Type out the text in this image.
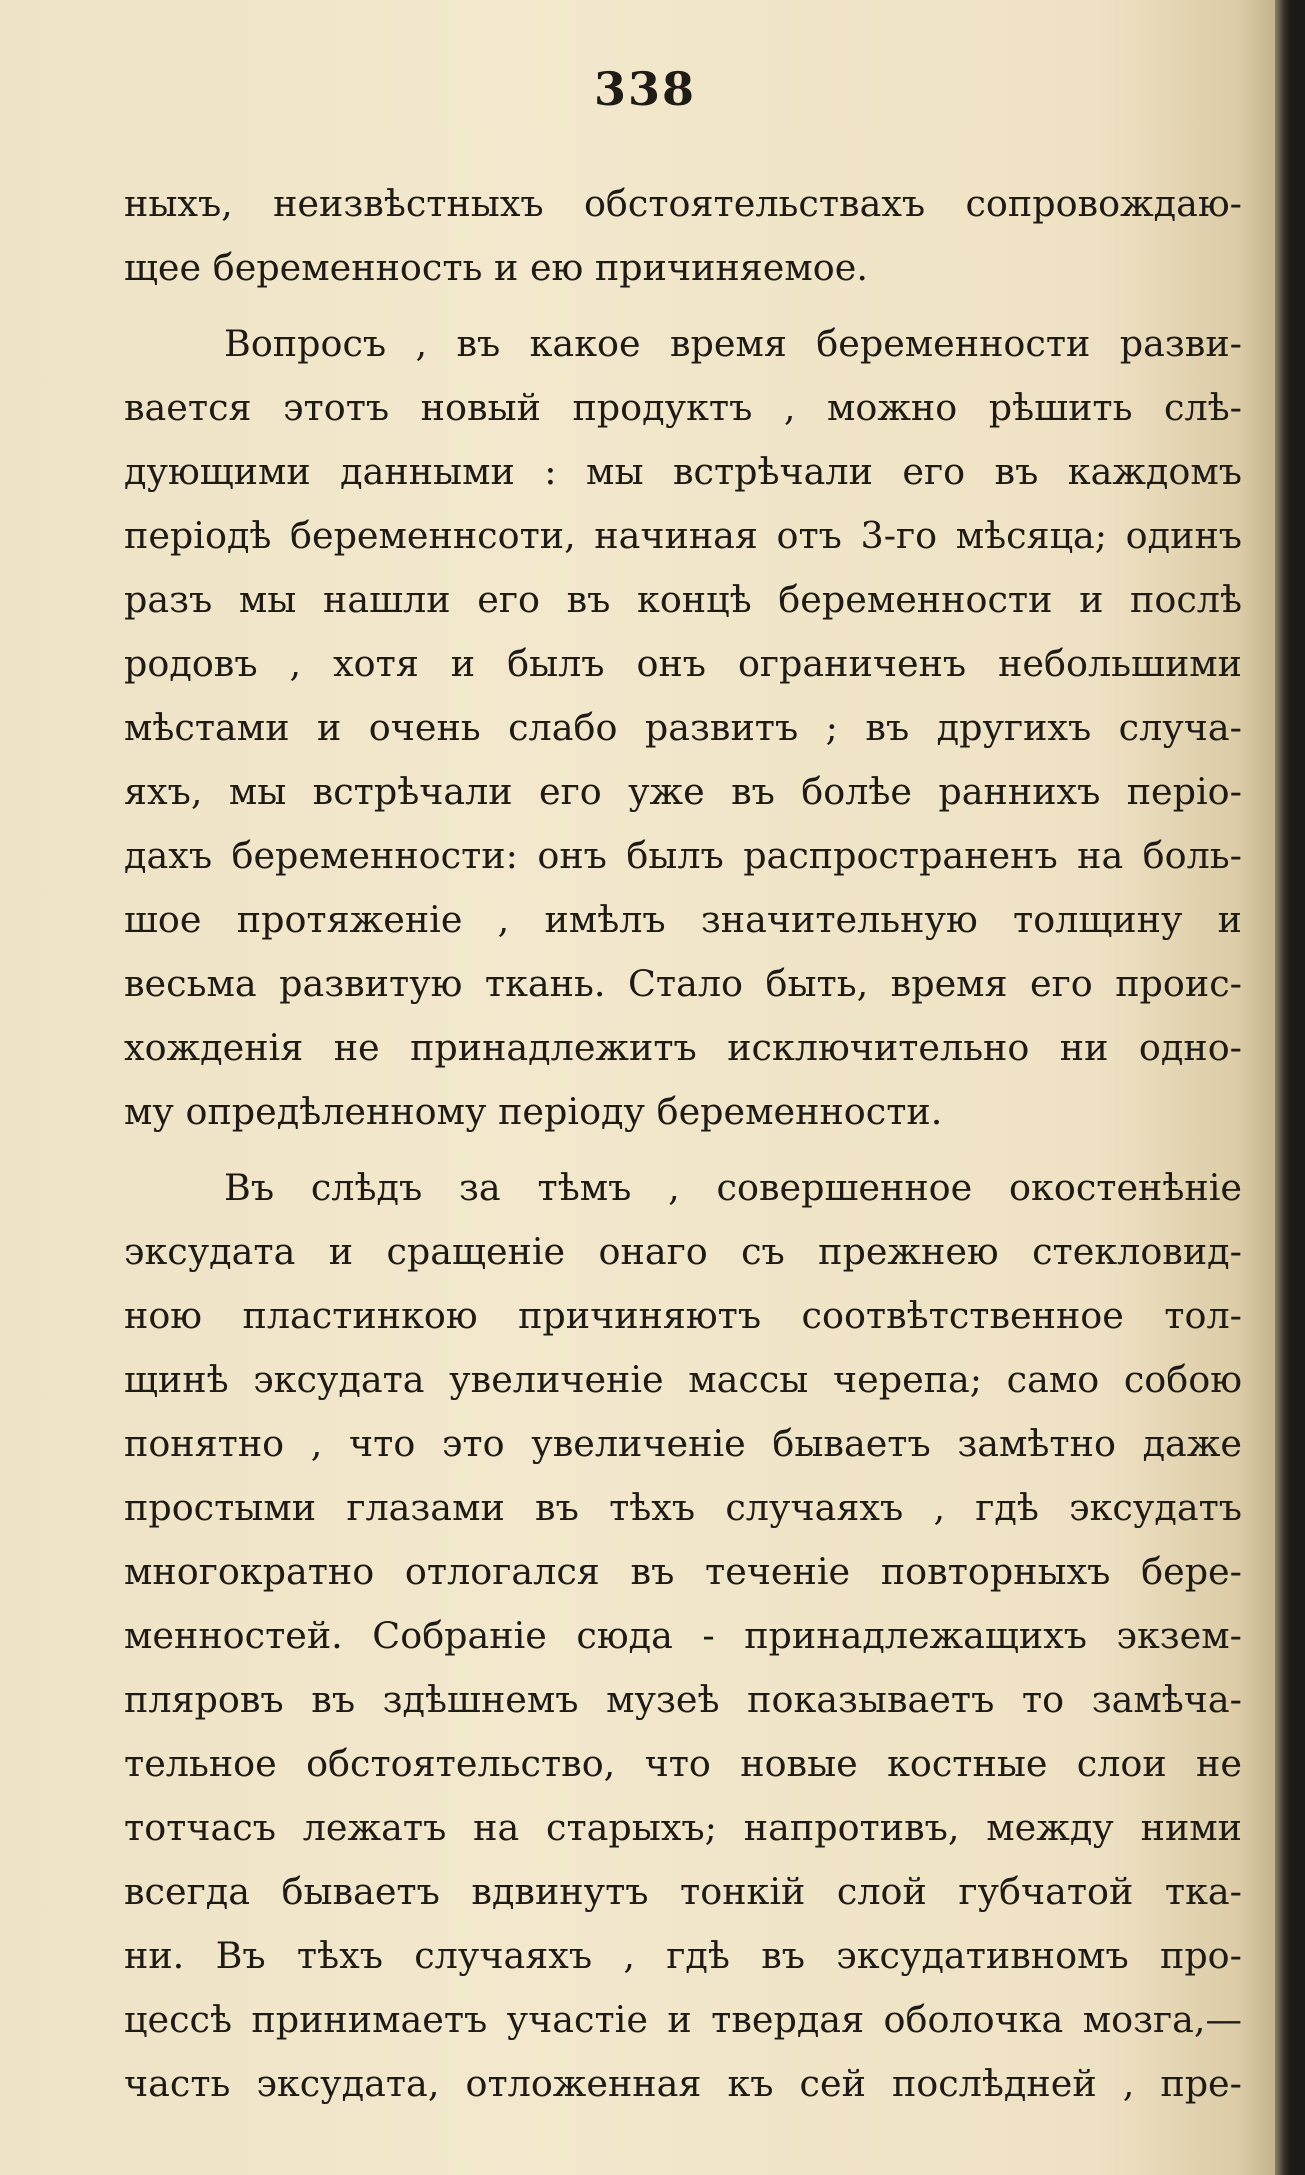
338
ныхъ, неизвѣстныхъ обстоятельствахъ сопровождаю-
щее беременность и ею причиняемое.
Вопросъ , въ какое время беременности разви-
вается этотъ новый продуктъ , можно рѣшить слѣ-
дующими данными : мы встрѣчали его въ каждомъ
періодѣ беременнсоти, начиная отъ 3-го мѣсяца; одинъ
разъ мы нашли его въ концѣ беременности и послѣ
родовъ , хотя и былъ онъ ограниченъ небольшими
мѣстами и очень слабо развитъ ; въ другихъ случа-
яхъ, мы встрѣчали его уже въ болѣе раннихъ періо-
дахъ беременности: онъ былъ распространенъ на боль-
шое протяженіе , имѣлъ значительную толщину и
весьма развитую ткань. Стало быть, время его проис-
хожденія не принадлежитъ исключительно ни одно-
му опредѣленному періоду беременности.
Въ слѣдъ за тѣмъ , совершенное окостенѣніе
эксудата и сращеніе онаго съ прежнею стекловид-
ною пластинкою причиняютъ соотвѣтственное тол-
щинѣ эксудата увеличеніе массы черепа; само собою
понятно , что это увеличеніе бываетъ замѣтно даже
простыми глазами въ тѣхъ случаяхъ , гдѣ эксудатъ
многократно отлогался въ теченіе повторныхъ бере-
менностей. Собраніе сюда - принадлежащихъ экзем-
пляровъ въ здѣшнемъ музеѣ показываетъ то замѣча-
тельное обстоятельство, что новые костные слои не
тотчасъ лежатъ на старыхъ; напротивъ, между ними
всегда бываетъ вдвинутъ тонкій слой губчатой тка-
ни. Въ тѣхъ случаяхъ , гдѣ въ эксудативномъ про-
цессѣ принимаетъ участіе и твердая оболочка мозга,—
часть эксудата, отложенная къ сей послѣдней , пре-
